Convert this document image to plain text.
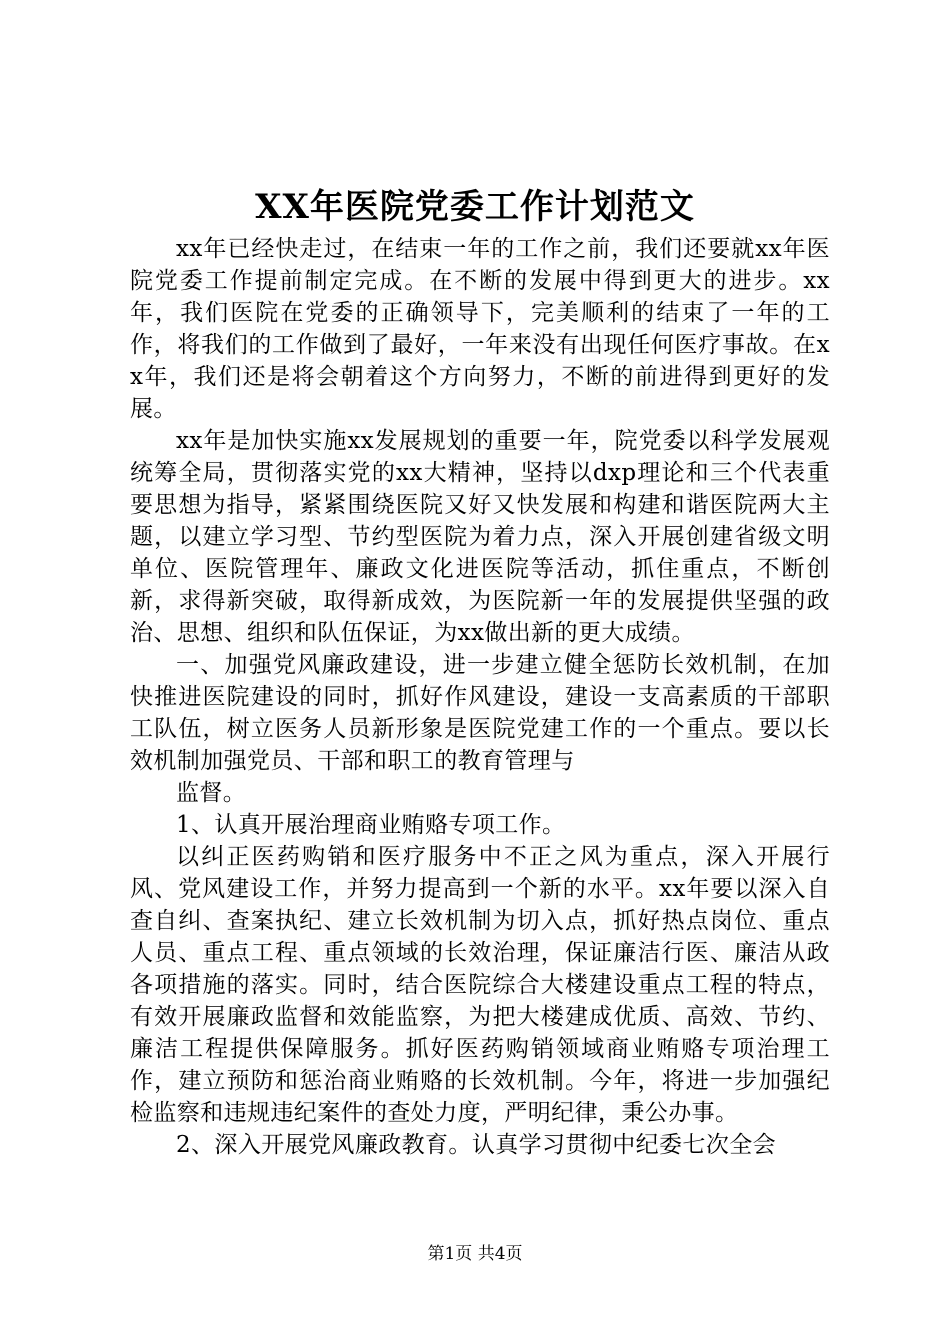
XX年医院党委工作计划范文

xx年已经快走过，在结束一年的工作之前，我们还要就xx年医院党委工作提前制定完成。在不断的发展中得到更大的进步。xx年，我们医院在党委的正确领导下，完美顺利的结束了一年的工作，将我们的工作做到了最好，一年来没有出现任何医疗事故。在xx年，我们还是将会朝着这个方向努力，不断的前进得到更好的发展。

xx年是加快实施xx发展规划的重要一年，院党委以科学发展观统筹全局，贯彻落实党的xx大精神，坚持以dxp理论和三个代表重要思想为指导，紧紧围绕医院又好又快发展和构建和谐医院两大主题，以建立学习型、节约型医院为着力点，深入开展创建省级文明单位、医院管理年、廉政文化进医院等活动，抓住重点，不断创新，求得新突破，取得新成效，为医院新一年的发展提供坚强的政治、思想、组织和队伍保证，为xx做出新的更大成绩。

一、加强党风廉政建设，进一步建立健全惩防长效机制，在加快推进医院建设的同时，抓好作风建设，建设一支高素质的干部职工队伍，树立医务人员新形象是医院党建工作的一个重点。要以长效机制加强党员、干部和职工的教育管理与

监督。

1、认真开展治理商业贿赂专项工作。

以纠正医药购销和医疗服务中不正之风为重点，深入开展行风、党风建设工作，并努力提高到一个新的水平。xx年要以深入自查自纠、查案执纪、建立长效机制为切入点，抓好热点岗位、重点人员、重点工程、重点领域的长效治理，保证廉洁行医、廉洁从政各项措施的落实。同时，结合医院综合大楼建设重点工程的特点，有效开展廉政监督和效能监察，为把大楼建成优质、高效、节约、廉洁工程提供保障服务。抓好医药购销领域商业贿赂专项治理工作，建立预防和惩治商业贿赂的长效机制。今年，将进一步加强纪检监察和违规违纪案件的查处力度，严明纪律，秉公办事。

2、深入开展党风廉政教育。认真学习贯彻中纪委七次全会

第1页 共4页
